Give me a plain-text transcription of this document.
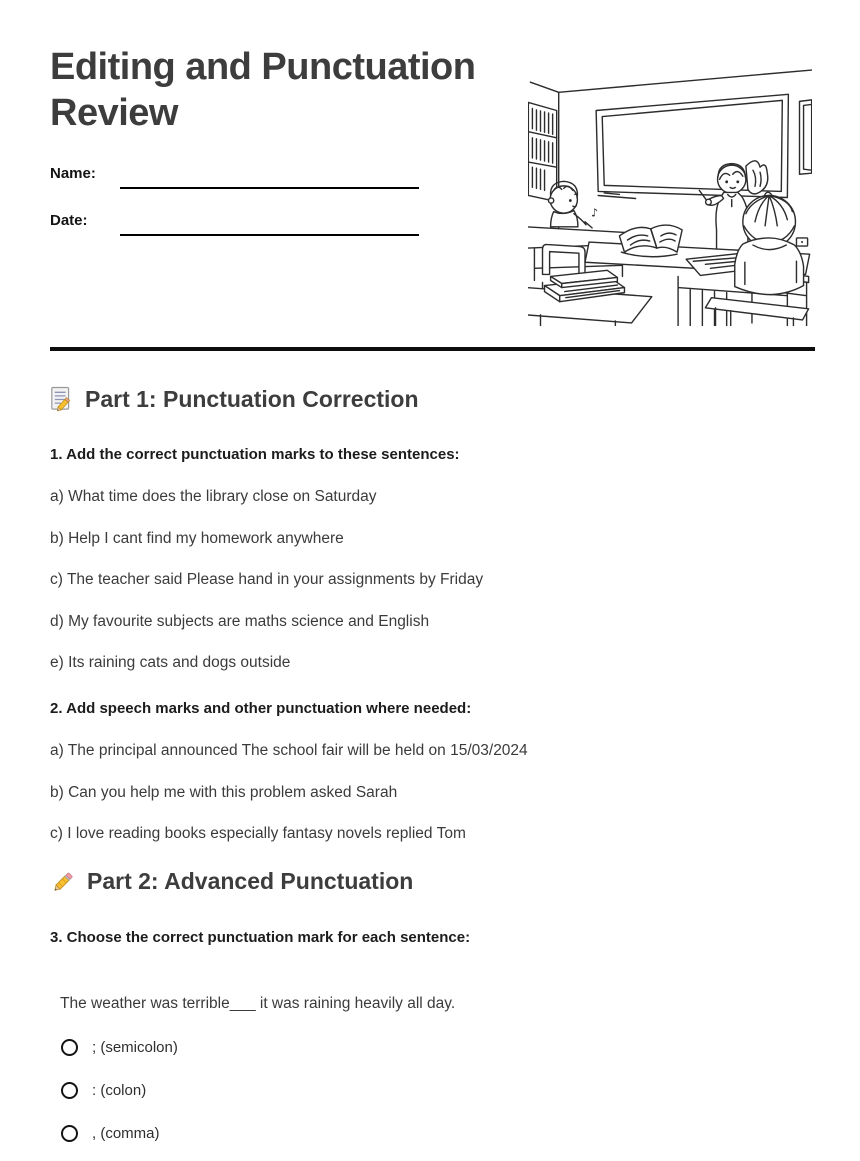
Editing and Punctuation
Review
Name:
Date:	♪
Part 1: Punctuation Correction
1. Add the correct punctuation marks to these sentences:
a) What time does the library close on Saturday
b) Help I cant find my homework anywhere
c) The teacher said Please hand in your assignments by Friday
d) My favourite subjects are maths science and English
e) Its raining cats and dogs outside
2. Add speech marks and other punctuation where needed:
a) The principal announced The school fair will be held on 15/03/2024
b) Can you help me with this problem asked Sarah
c) I love reading books especially fantasy novels replied Tom
Part 2: Advanced Punctuation
3. Choose the correct punctuation mark for each sentence:
The weather was terrible___ it was raining heavily all day.
; (semicolon)
: (colon)
, (comma)
